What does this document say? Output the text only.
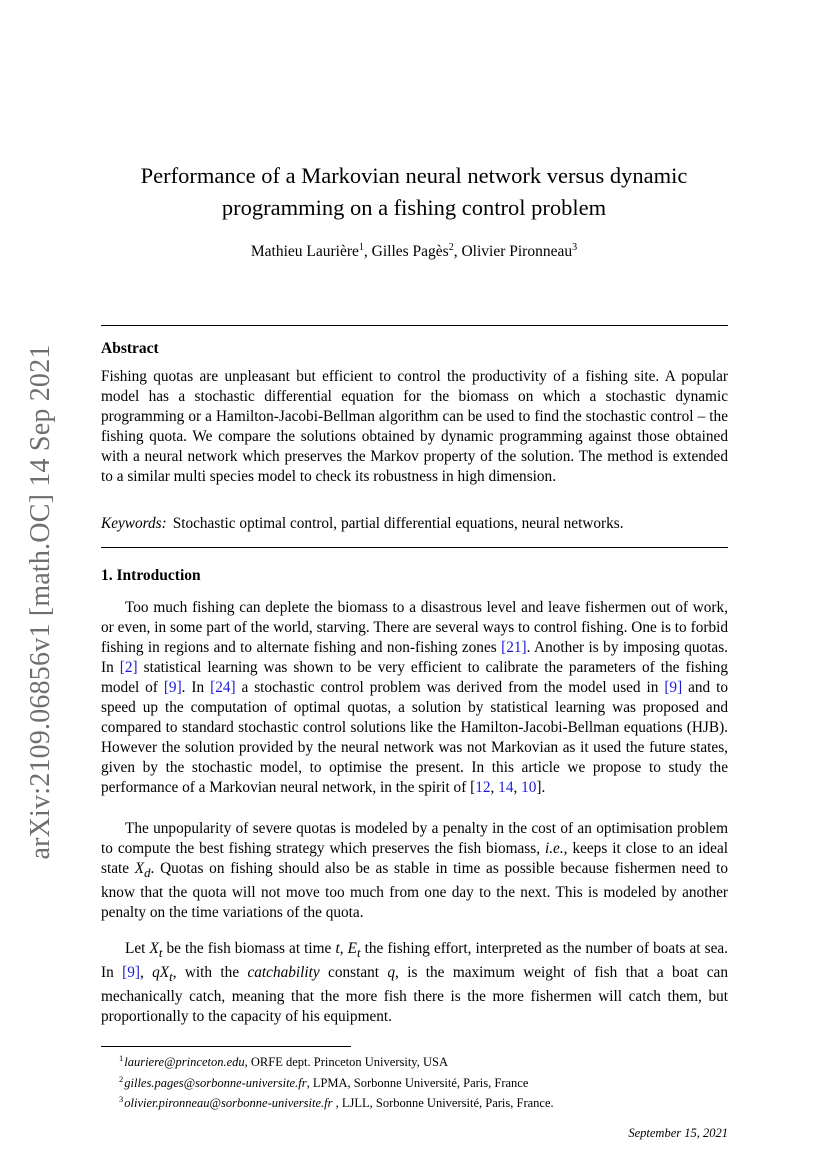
arXiv:2109.06856v1 [math.OC] 14 Sep 2021
Performance of a Markovian neural network versus dynamic programming on a fishing control problem
Mathieu Laurière$^1$, Gilles Pagès$^2$, Olivier Pironneau$^3$
Abstract
Fishing quotas are unpleasant but efficient to control the productivity of a fishing site. A popular model has a stochastic differential equation for the biomass on which a stochastic dynamic programming or a Hamilton-Jacobi-Bellman algorithm can be used to find the stochastic control – the fishing quota. We compare the solutions obtained by dynamic programming against those obtained with a neural network which preserves the Markov property of the solution. The method is extended to a similar multi species model to check its robustness in high dimension.
Keywords: Stochastic optimal control, partial differential equations, neural networks.
1. Introduction
Too much fishing can deplete the biomass to a disastrous level and leave fishermen out of work, or even, in some part of the world, starving. There are several ways to control fishing. One is to forbid fishing in regions and to alternate fishing and non-fishing zones [21]. Another is by imposing quotas. In [2] statistical learning was shown to be very efficient to calibrate the parameters of the fishing model of [9]. In [24] a stochastic control problem was derived from the model used in [9] and to speed up the computation of optimal quotas, a solution by statistical learning was proposed and compared to standard stochastic control solutions like the Hamilton-Jacobi-Bellman equations (HJB). However the solution provided by the neural network was not Markovian as it used the future states, given by the stochastic model, to optimise the present. In this article we propose to study the performance of a Markovian neural network, in the spirit of [12, 14, 10].
The unpopularity of severe quotas is modeled by a penalty in the cost of an optimisation problem to compute the best fishing strategy which preserves the fish biomass, i.e., keeps it close to an ideal state $X_d$. Quotas on fishing should also be as stable in time as possible because fishermen need to know that the quota will not move too much from one day to the next. This is modeled by another penalty on the time variations of the quota.
Let $X_t$ be the fish biomass at time t, $E_t$ the fishing effort, interpreted as the number of boats at sea. In [9], $qX_t$, with the catchability constant q, is the maximum weight of fish that a boat can mechanically catch, meaning that the more fish there is the more fishermen will catch them, but proportionally to the capacity of his equipment.
$^1$lauriere@princeton.edu, ORFE dept. Princeton University, USA
$^2$gilles.pages@sorbonne-universite.fr, LPMA, Sorbonne Université, Paris, France
$^3$olivier.pironneau@sorbonne-universite.fr , LJLL, Sorbonne Université, Paris, France.
September 15, 2021
